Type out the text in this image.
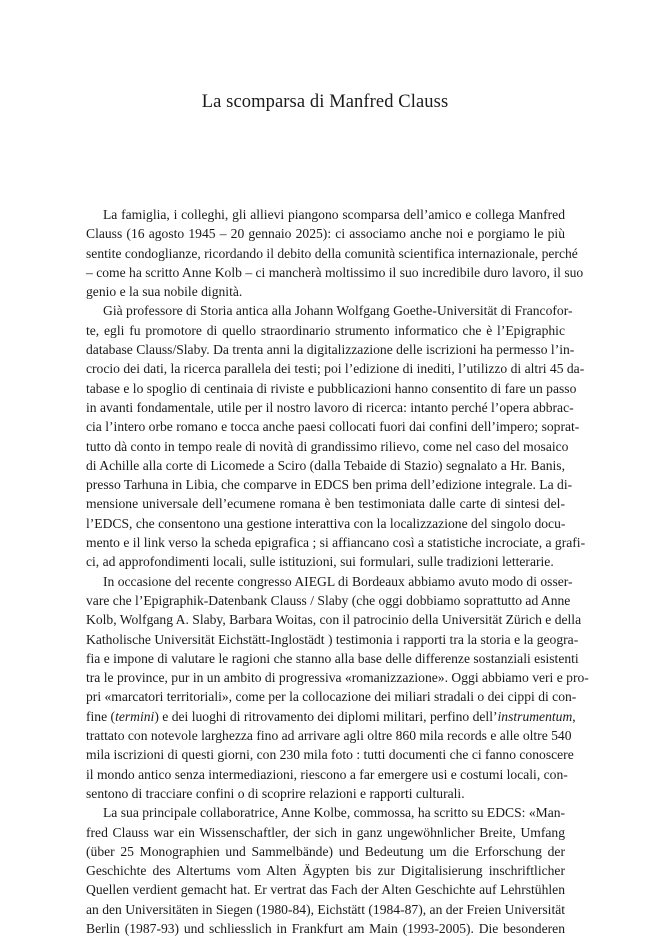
La scomparsa di Manfred Clauss
La famiglia, i colleghi, gli allievi piangono scomparsa dell’amico e collega Manfred
Clauss (16 agosto 1945 – 20 gennaio 2025): ci associamo anche noi e porgiamo le più
sentite condoglianze, ricordando il debito della comunità scientifica internazionale, perché
– come ha scritto Anne Kolb – ci mancherà moltissimo il suo incredibile duro lavoro, il suo
genio e la sua nobile dignità.
Già professore di Storia antica alla Johann Wolfgang Goethe-Universität di Francofor-
te, egli fu promotore di quello straordinario strumento informatico che è l’Epigraphic
database Clauss/Slaby. Da trenta anni la digitalizzazione delle iscrizioni ha permesso l’in-
crocio dei dati, la ricerca parallela dei testi; poi l’edizione di inediti, l’utilizzo di altri 45 da-
tabase e lo spoglio di centinaia di riviste e pubblicazioni hanno consentito di fare un passo
in avanti fondamentale, utile per il nostro lavoro di ricerca: intanto perché l’opera abbrac-
cia l’intero orbe romano e tocca anche paesi collocati fuori dai confini dell’impero; soprat-
tutto dà conto in tempo reale di novità di grandissimo rilievo, come nel caso del mosaico
di Achille alla corte di Licomede a Sciro (dalla Tebaide di Stazio) segnalato a Hr. Banis,
presso Tarhuna in Libia, che comparve in EDCS ben prima dell’edizione integrale. La di-
mensione universale dell’ecumene romana è ben testimoniata dalle carte di sintesi del-
l’EDCS, che consentono una gestione interattiva con la localizzazione del singolo docu-
mento e il link verso la scheda epigrafica ; si affiancano così a statistiche incrociate, a grafi-
ci, ad approfondimenti locali, sulle istituzioni, sui formulari, sulle tradizioni letterarie.
In occasione del recente congresso AIEGL di Bordeaux abbiamo avuto modo di osser-
vare che l’Epigraphik-Datenbank Clauss / Slaby (che oggi dobbiamo soprattutto ad Anne
Kolb, Wolfgang A. Slaby, Barbara Woitas, con il patrocinio della Universität Zürich e della
Katholische Universität Eichstätt-Inglostädt ) testimonia i rapporti tra la storia e la geogra-
fia e impone di valutare le ragioni che stanno alla base delle differenze sostanziali esistenti
tra le province, pur in un ambito di progressiva «romanizzazione». Oggi abbiamo veri e pro-
pri «marcatori territoriali», come per la collocazione dei miliari stradali o dei cippi di con-
fine (termini) e dei luoghi di ritrovamento dei diplomi militari, perfino dell’instrumentum,
trattato con notevole larghezza fino ad arrivare agli oltre 860 mila records e alle oltre 540
mila iscrizioni di questi giorni, con 230 mila foto : tutti documenti che ci fanno conoscere
il mondo antico senza intermediazioni, riescono a far emergere usi e costumi locali, con-
sentono di tracciare confini o di scoprire relazioni e rapporti culturali.
La sua principale collaboratrice, Anne Kolbe, commossa, ha scritto su EDCS: «Man-
fred Clauss war ein Wissenschaftler, der sich in ganz ungewöhnlicher Breite, Umfang
(über 25 Monographien und Sammelbände) und Bedeutung um die Erforschung der
Geschichte des Altertums vom Alten Ägypten bis zur Digitalisierung inschriftlicher
Quellen verdient gemacht hat. Er vertrat das Fach der Alten Geschichte auf Lehrstühlen
an den Universitäten in Siegen (1980-84), Eichstätt (1984-87), an der Freien Universität
Berlin (1987-93) und schliesslich in Frankfurt am Main (1993-2005). Die besonderen
